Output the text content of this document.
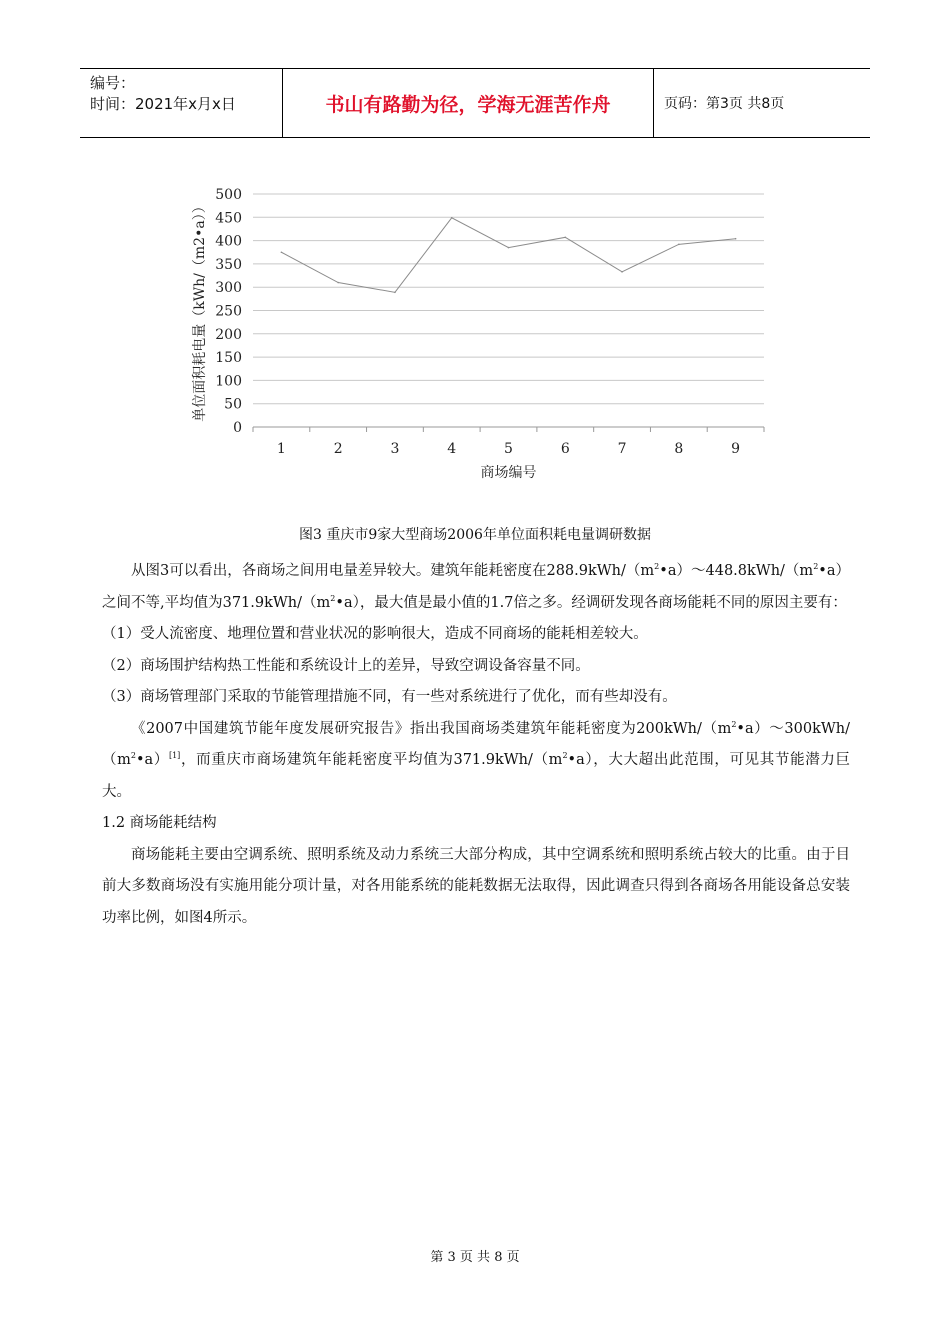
编号：
时间：2021年x月x日	书山有路勤为径，学海无涯苦作舟	页码：第3页 共8页
0
50
100
150
200
250
300
350
400
450
500
1	2	3	4	5	6	7	8	9
商场编号
单位面积耗电量（kWh/（m2•a））
图3 重庆市9家大型商场2006年单位面积耗电量调研数据

从图3可以看出，各商场之间用电量差异较大。建筑年能耗密度在$288.9kWh/(m^2•a)\sim 448.8kWh/(m^2•a)$之间不等,平均值为$371.9kWh/(m^2•a)$，最大值是最小值的1.7倍之多。经调研发现各商场能耗不同的原因主要有：

（1）受人流密度、地理位置和营业状况的影响很大，造成不同商场的能耗相差较大。

（2）商场围护结构热工性能和系统设计上的差异，导致空调设备容量不同。

（3）商场管理部门采取的节能管理措施不同，有一些对系统进行了优化，而有些却没有。

《2007中国建筑节能年度发展研究报告》指出我国商场类建筑年能耗密度为$200kWh/(m^2•a)\sim 300kWh/(m^2•a)[1]$，而重庆市商场建筑年能耗密度平均值为$371.9kWh/(m^2•a)$，大大超出此范围，可见其节能潜力巨大。

1.2 商场能耗结构

商场能耗主要由空调系统、照明系统及动力系统三大部分构成，其中空调系统和照明系统占较大的比重。由于目前大多数商场没有实施用能分项计量，对各用能系统的能耗数据无法取得，因此调查只得到各商场各用能设备总安装功率比例，如图4所示。

第 3 页 共 8 页
